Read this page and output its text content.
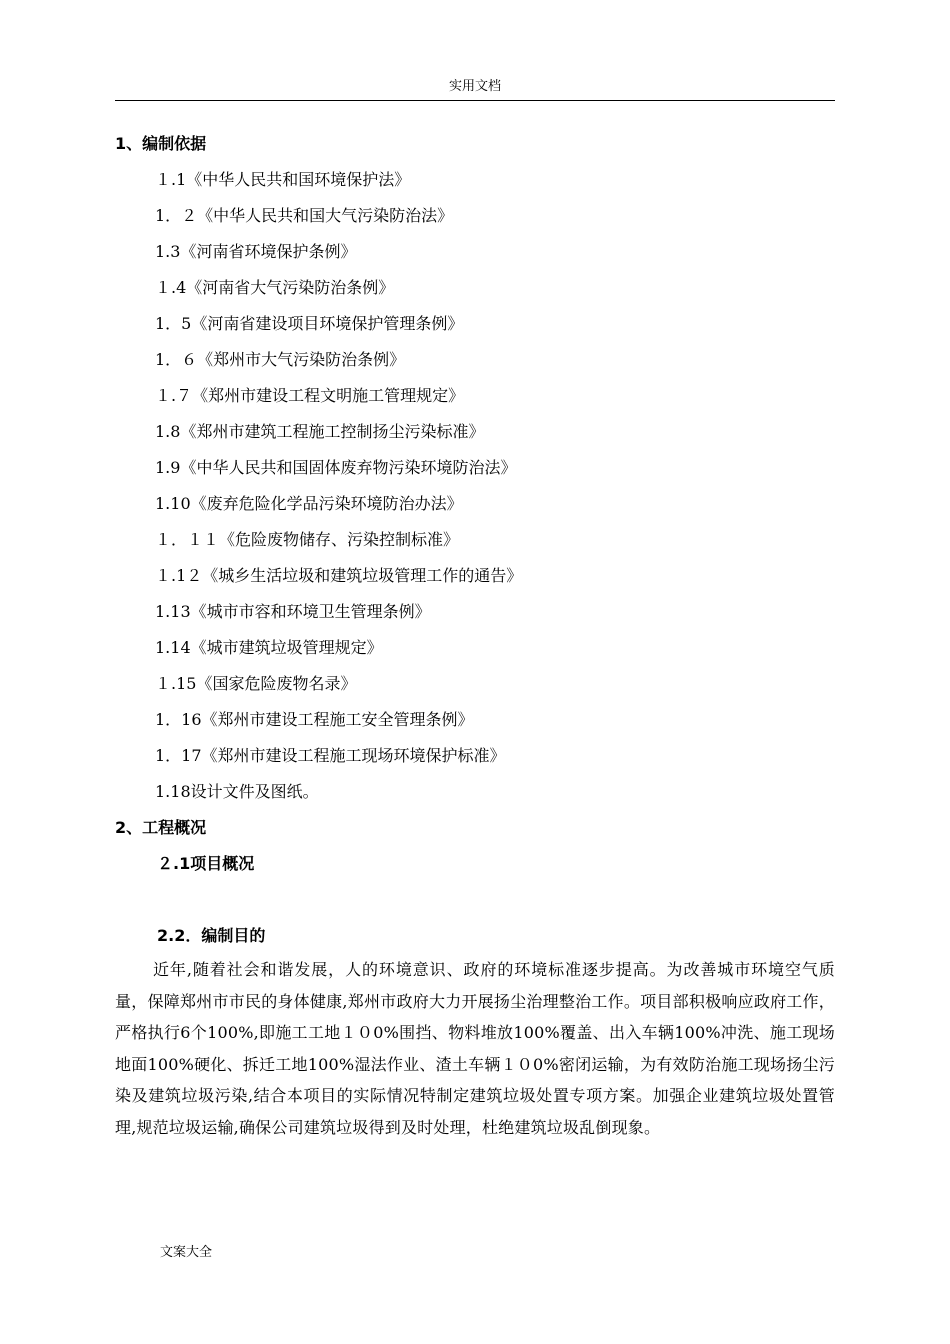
实用文档
1、编制依据
１.1《中华人民共和国环境保护法》
1．２《中华人民共和国大气污染防治法》
1.3《河南省环境保护条例》
１.4《河南省大气污染防治条例》
1．5《河南省建设项目环境保护管理条例》
1．６《郑州市大气污染防治条例》
１.７《郑州市建设工程文明施工管理规定》
1.8《郑州市建筑工程施工控制扬尘污染标准》
1.9《中华人民共和国固体废弃物污染环境防治法》
1.10《废弃危险化学品污染环境防治办法》
１．１１《危险废物储存、污染控制标准》
１.1２《城乡生活垃圾和建筑垃圾管理工作的通告》
1.13《城市市容和环境卫生管理条例》
1.14《城市建筑垃圾管理规定》
１.15《国家危险废物名录》
1．16《郑州市建设工程施工安全管理条例》
1．17《郑州市建设工程施工现场环境保护标准》
1.18设计文件及图纸。
2、工程概况
２.1项目概况
2.2．编制目的

近年,随着社会和谐发展，人的环境意识、政府的环境标准逐步提高。为改善城市环境空气质量，保障郑州市市民的身体健康,郑州市政府大力开展扬尘治理整治工作。项目部积极响应政府工作，严格执行6个100%,即施工工地１０0%围挡、物料堆放100%覆盖、出入车辆100%冲洗、施工现场地面100%硬化、拆迁工地100%湿法作业、渣土车辆１０0%密闭运输，为有效防治施工现场扬尘污染及建筑垃圾污染,结合本项目的实际情况特制定建筑垃圾处置专项方案。加强企业建筑垃圾处置管理,规范垃圾运输,确保公司建筑垃圾得到及时处理，杜绝建筑垃圾乱倒现象。

文案大全
